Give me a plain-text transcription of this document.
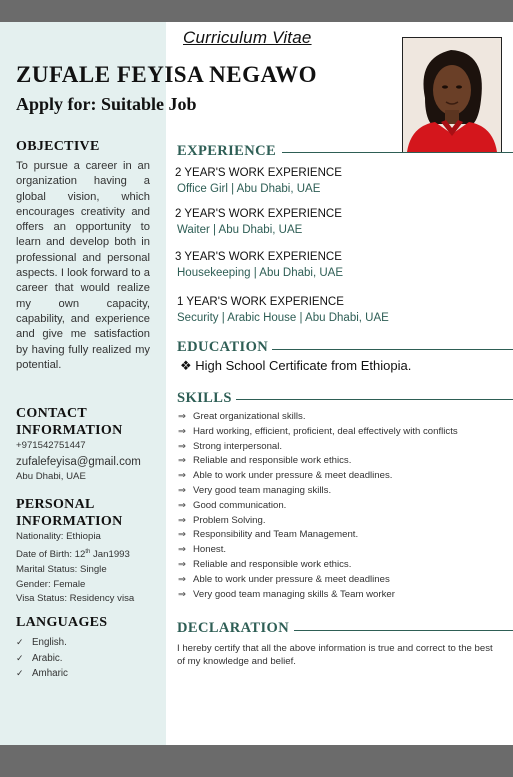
Curriculum Vitae
ZUFALE FEYISA NEGAWO
Apply for: Suitable Job
OBJECTIVE
To pursue a career in an organization having a global vision, which encourages creativity and offers an opportunity to learn and develop both in professional and personal aspects. I look forward to a career that would realize my own capacity, capability, and experience and give me satisfaction by having fully realized my potential.
CONTACT
INFORMATION
+971542751447
zufalefeyisa@gmail.com
Abu Dhabi, UAE
PERSONAL
INFORMATION
Nationality: Ethiopia
Date of Birth: 12th Jan1993
Marital Status: Single
Gender: Female
Visa Status: Residency visa
LANGUAGES
✓ English.
✓ Arabic.
✓ Amharic
EXPERIENCE
2 YEAR'S WORK EXPERIENCE
Office Girl | Abu Dhabi, UAE
2 YEAR'S WORK EXPERIENCE
Waiter | Abu Dhabi, UAE
3 YEAR'S WORK EXPERIENCE
Housekeeping | Abu Dhabi, UAE
1 YEAR'S WORK EXPERIENCE
Security | Arabic House | Abu Dhabi, UAE
EDUCATION
❖ High School Certificate from Ethiopia.
SKILLS
⇒ Great organizational skills.
⇒ Hard working, efficient, proficient, deal effectively with conflicts
⇒ Strong interpersonal.
⇒ Reliable and responsible work ethics.
⇒ Able to work under pressure & meet deadlines.
⇒ Very good team managing skills.
⇒ Good communication.
⇒ Problem Solving.
⇒ Responsibility and Team Management.
⇒ Honest.
⇒ Reliable and responsible work ethics.
⇒ Able to work under pressure & meet deadlines
⇒ Very good team managing skills & Team worker
DECLARATION
I hereby certify that all the above information is true and correct to the best of my knowledge and belief.
